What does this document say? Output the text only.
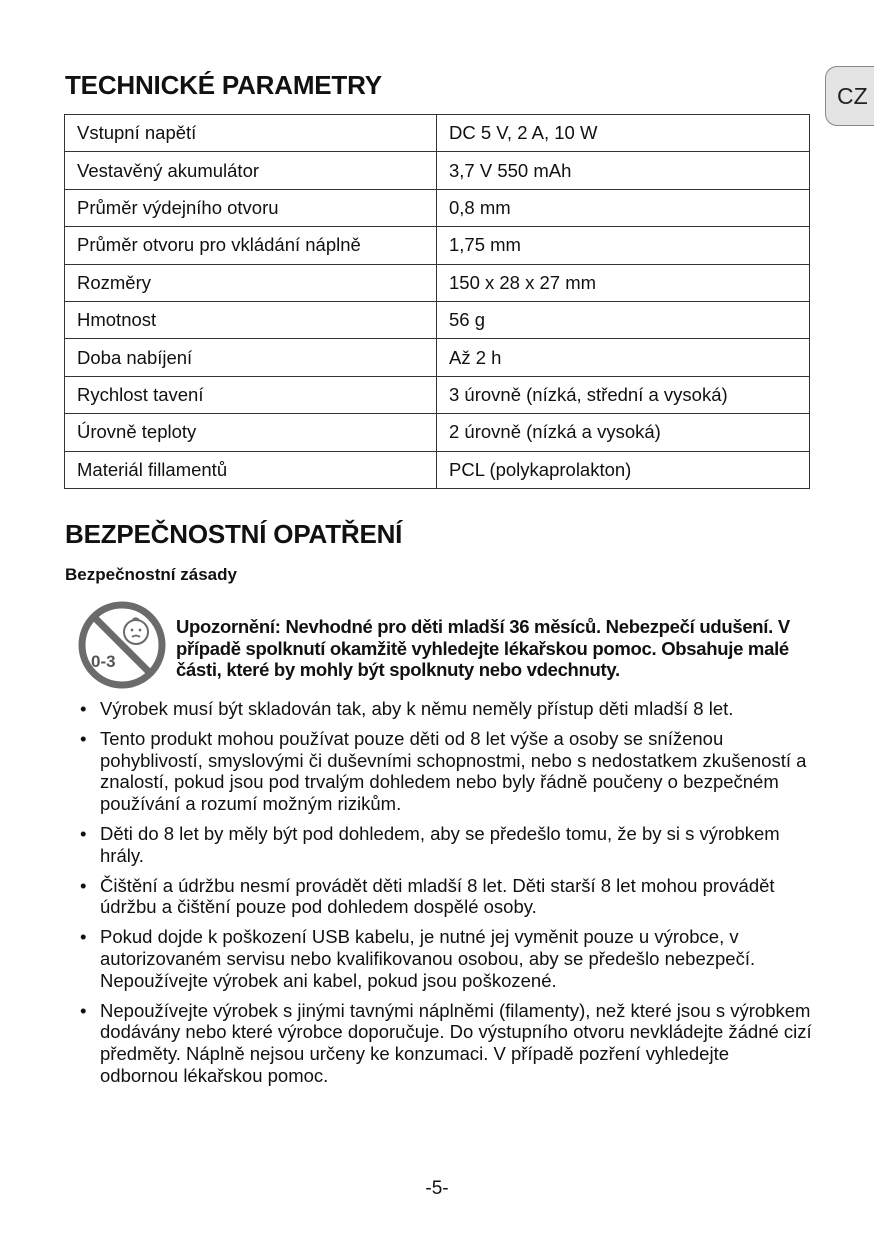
CZ
TECHNICKÉ PARAMETRY
Vstupní napětí	DC 5 V, 2 A, 10 W
Vestavěný akumulátor	3,7 V 550 mAh
Průměr výdejního otvoru	0,8 mm
Průměr otvoru pro vkládání náplně	1,75 mm
Rozměry	150 x 28 x 27 mm
Hmotnost	56 g
Doba nabíjení	Až 2 h
Rychlost tavení	3 úrovně (nízká, střední a vysoká)
Úrovně teploty	2 úrovně (nízká a vysoká)
Materiál fillamentů	PCL (polykaprolakton)
BEZPEČNOSTNÍ OPATŘENÍ
Bezpečnostní zásady
0-3
Upozornění: Nevhodné pro děti mladší 36 měsíců. Nebezpečí udušení. V případě spolknutí okamžitě vyhledejte lékařskou pomoc. Obsahuje malé části, které by mohly být spolknuty nebo vdechnuty.
• Výrobek musí být skladován tak, aby k němu neměly přístup děti mladší 8 let.
• Tento produkt mohou používat pouze děti od 8 let výše a osoby se sníženou pohyblivostí, smyslovými či duševními schopnostmi, nebo s nedostatkem zkušeností a znalostí, pokud jsou pod trvalým dohledem nebo byly řádně poučeny o bezpečném používání a rozumí možným rizikům.
• Děti do 8 let by měly být pod dohledem, aby se předešlo tomu, že by si s výrobkem hrály.
• Čištění a údržbu nesmí provádět děti mladší 8 let. Děti starší 8 let mohou provádět údržbu a čištění pouze pod dohledem dospělé osoby.
• Pokud dojde k poškození USB kabelu, je nutné jej vyměnit pouze u výrobce, v autorizovaném servisu nebo kvalifikovanou osobou, aby se předešlo nebezpečí. Nepoužívejte výrobek ani kabel, pokud jsou poškozené.
• Nepoužívejte výrobek s jinými tavnými náplněmi (filamenty), než které jsou s výrobkem dodávány nebo které výrobce doporučuje. Do výstupního otvoru nevkládejte žádné cizí předměty. Náplně nejsou určeny ke konzumaci. V případě pozření vyhledejte odbornou lékařskou pomoc.
-5-
